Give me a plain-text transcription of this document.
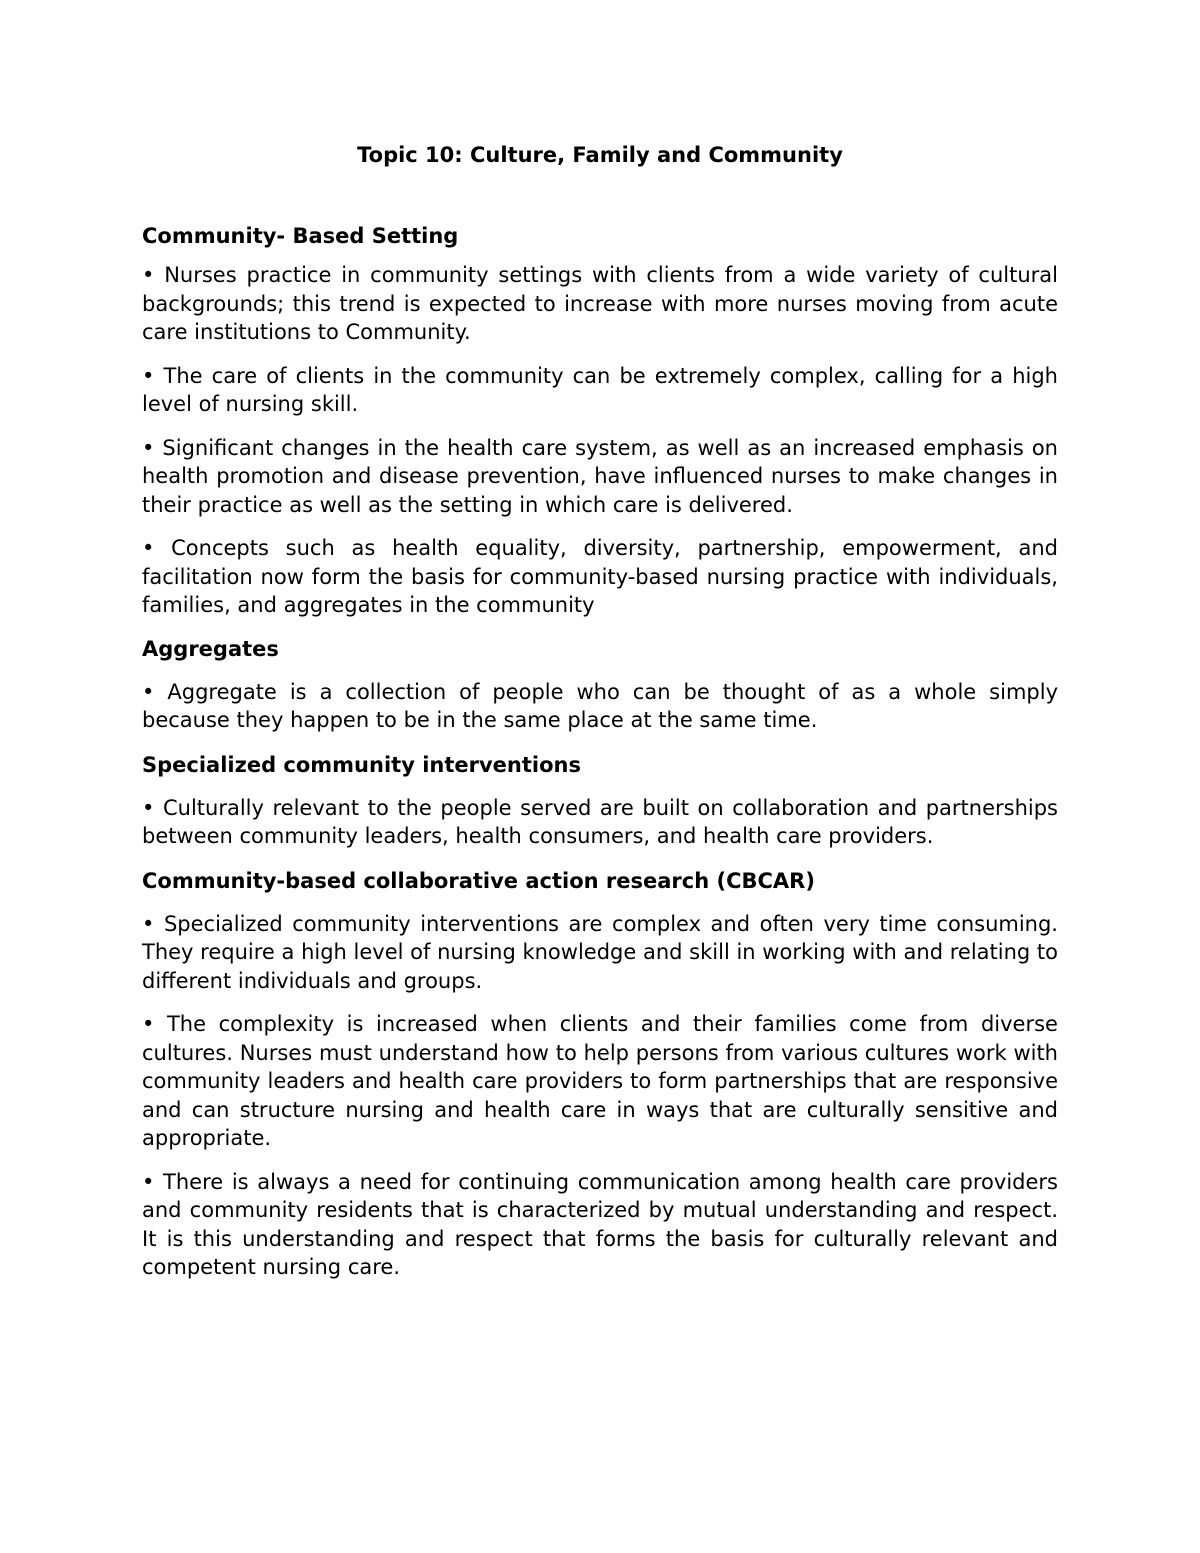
Topic 10: Culture, Family and Community
Community- Based Setting

• Nurses practice in community settings with clients from a wide variety of cultural backgrounds; this trend is expected to increase with more nurses moving from acute care institutions to Community.

• The care of clients in the community can be extremely complex, calling for a high level of nursing skill.

• Significant changes in the health care system, as well as an increased emphasis on health promotion and disease prevention, have influenced nurses to make changes in their practice as well as the setting in which care is delivered.

• Concepts such as health equality, diversity, partnership, empowerment, and facilitation now form the basis for community-based nursing practice with individuals, families, and aggregates in the community

Aggregates

• Aggregate is a collection of people who can be thought of as a whole simply because they happen to be in the same place at the same time.

Specialized community interventions

• Culturally relevant to the people served are built on collaboration and partnerships between community leaders, health consumers, and health care providers.

Community-based collaborative action research (CBCAR)

• Specialized community interventions are complex and often very time consuming. They require a high level of nursing knowledge and skill in working with and relating to different individuals and groups.

• The complexity is increased when clients and their families come from diverse cultures. Nurses must understand how to help persons from various cultures work with community leaders and health care providers to form partnerships that are responsive and can structure nursing and health care in ways that are culturally sensitive and appropriate.

• There is always a need for continuing communication among health care providers and community residents that is characterized by mutual understanding and respect. It is this understanding and respect that forms the basis for culturally relevant and competent nursing care.
